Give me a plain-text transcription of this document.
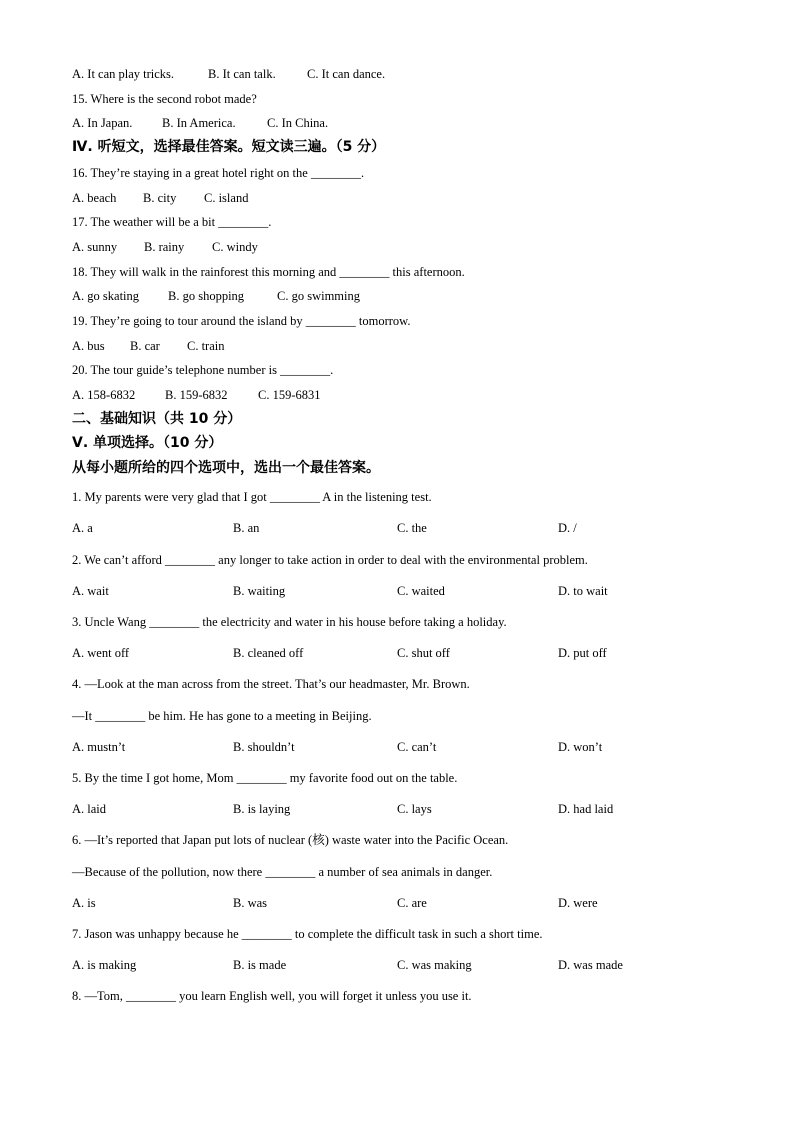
A. It can play tricks.	B. It can talk.	C. It can dance.
15. Where is the second robot made?
A. In Japan. B. In America.	C. In China.
Ⅳ. 听短文，选择最佳答案。短文读三遍。（5 分）
16. They’re staying in a great hotel right on the ________.
A. beach B. city C. island
17. The weather will be a bit ________.
A. sunny B. rainy C. windy
18. They will walk in the rainforest this morning and ________ this afternoon.
A. go skating B. go shopping	C. go swimming
19. They’re going to tour around the island by ________ tomorrow.
A. bus B. car C. train
20. The tour guide’s telephone number is ________.
A. 158-6832 B. 159-6832 C. 159-6831
二、基础知识（共 10 分）
Ⅴ. 单项选择。（10 分）
从每小题所给的四个选项中，选出一个最佳答案。
1. My parents were very glad that I got ________ A in the listening test.
A. a	B. an	C. the	D. /
2. We can’t afford ________ any longer to take action in order to deal with the environmental problem.
A. wait	B. waiting	C. waited	D. to wait
3. Uncle Wang ________ the electricity and water in his house before taking a holiday.
A. went off	B. cleaned off	C. shut off	D. put off
4. —Look at the man across from the street. That’s our headmaster, Mr. Brown.
—It ________ be him. He has gone to a meeting in Beijing.
A. mustn’t	B. shouldn’t	C. can’t	D. won’t
5. By the time I got home, Mom ________ my favorite food out on the table.
A. laid	B. is laying	C. lays	D. had laid
6. —It’s reported that Japan put lots of nuclear (核) waste water into the Pacific Ocean.
—Because of the pollution, now there ________ a number of sea animals in danger.
A. is	B. was	C. are	D. were
7. Jason was unhappy because he ________ to complete the difficult task in such a short time.
A. is making	B. is made	C. was making	D. was made
8. —Tom, ________ you learn English well, you will forget it unless you use it.
